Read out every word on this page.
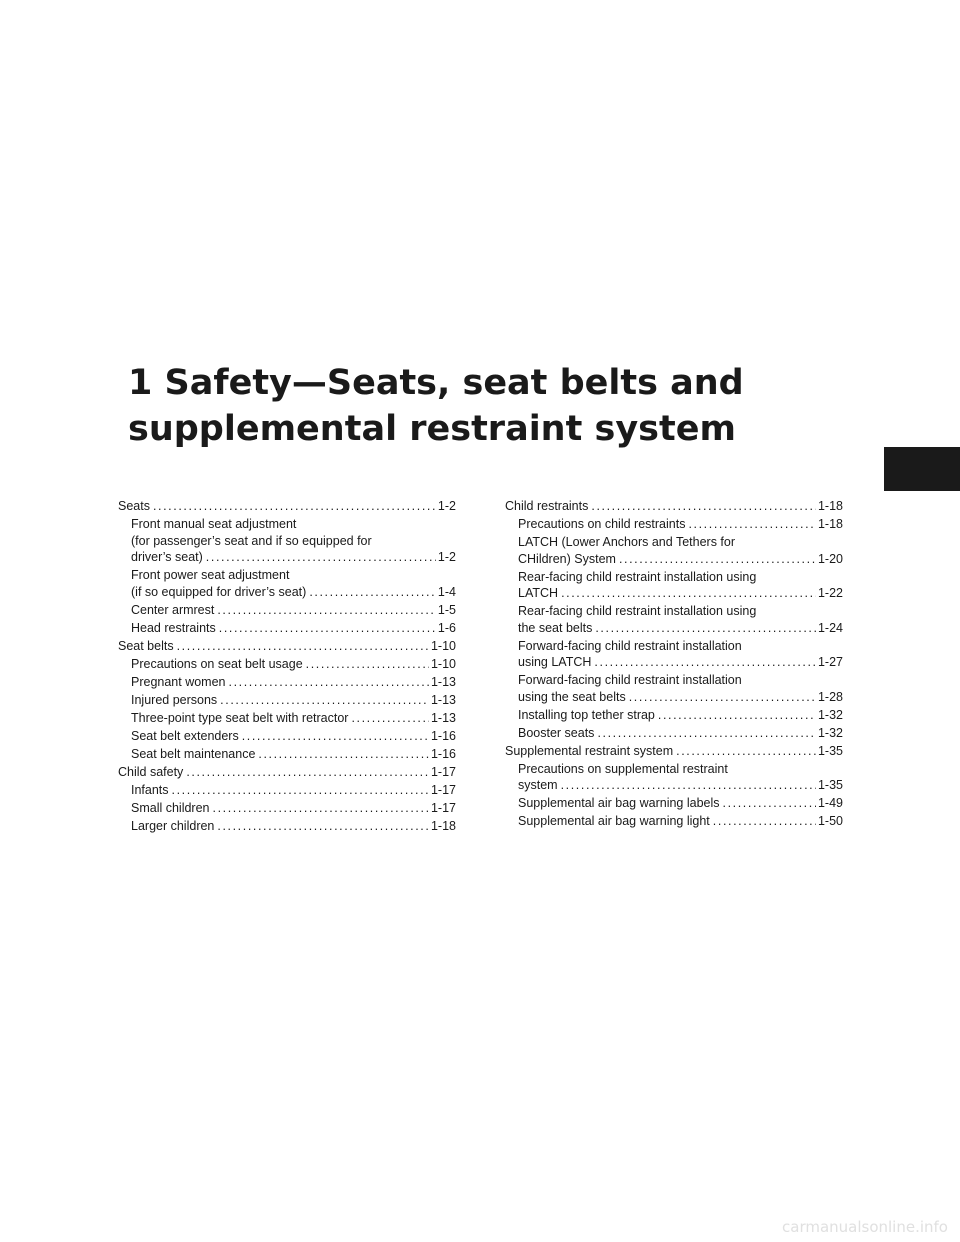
1 Safety—Seats, seat belts and
supplemental restraint system
Seats .....	1-2
Front manual seat adjustment
(for passenger’s seat and if so equipped for
driver’s seat) .....	1-2
Front power seat adjustment
(if so equipped for driver’s seat) .....	1-4
Center armrest .....	1-5
Head restraints .....	1-6
Seat belts .....	1-10
Precautions on seat belt usage .....	1-10
Pregnant women .....	1-13
Injured persons .....	1-13
Three-point type seat belt with retractor .....	1-13
Seat belt extenders .....	1-16
Seat belt maintenance .....	1-16
Child safety .....	1-17
Infants .....	1-17
Small children .....	1-17
Larger children .....	1-18
Child restraints .....	1-18
Precautions on child restraints .....	1-18
LATCH (Lower Anchors and Tethers for
CHildren) System .....	1-20
Rear-facing child restraint installation using
LATCH .....	1-22
Rear-facing child restraint installation using
the seat belts .....	1-24
Forward-facing child restraint installation
using LATCH .....	1-27
Forward-facing child restraint installation
using the seat belts .....	1-28
Installing top tether strap .....	1-32
Booster seats .....	1-32
Supplemental restraint system .....	1-35
Precautions on supplemental restraint
system .....	1-35
Supplemental air bag warning labels .....	1-49
Supplemental air bag warning light .....	1-50
carmanualsonline.info
